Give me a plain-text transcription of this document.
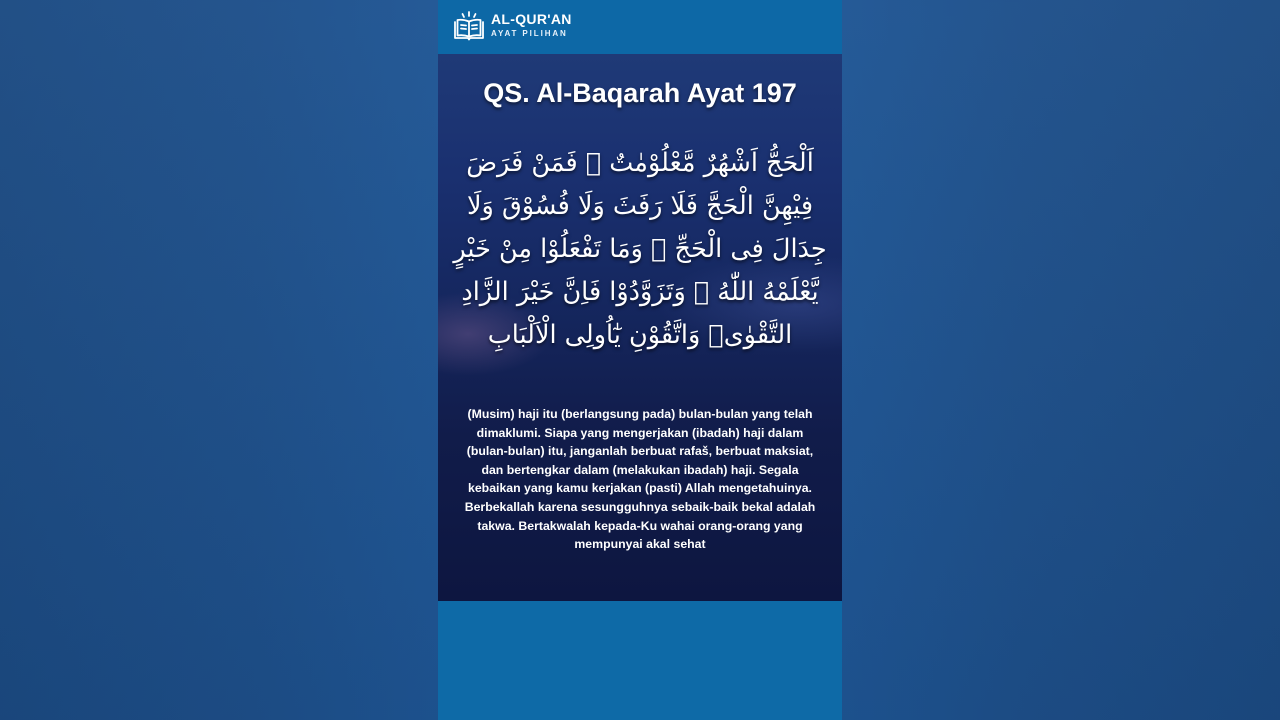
AL-QUR'AN
AYAT PILIHAN
QS. Al-Baqarah Ayat 197
اَلْحَجُّ اَشْهُرٌ مَّعْلُوْمٰتٌ ۚ فَمَنْ فَرَضَ فِيْهِنَّ الْحَجَّ فَلَا رَفَثَ وَلَا فُسُوْقَ وَلَا جِدَالَ فِى الْحَجِّ ۗ وَمَا تَفْعَلُوْا مِنْ خَيْرٍ يَّعْلَمْهُ اللّٰهُ ۗ وَتَزَوَّدُوْا فَاِنَّ خَيْرَ الزَّادِ التَّقْوٰىۖ وَاتَّقُوْنِ يٰٓاُولِى الْاَلْبَابِ
(Musim) haji itu (berlangsung pada) bulan-bulan yang telah dimaklumi. Siapa yang mengerjakan (ibadah) haji dalam (bulan-bulan) itu, janganlah berbuat rafaš, berbuat maksiat, dan bertengkar dalam (melakukan ibadah) haji. Segala kebaikan yang kamu kerjakan (pasti) Allah mengetahuinya. Berbekallah karena sesungguhnya sebaik-baik bekal adalah takwa. Bertakwalah kepada-Ku wahai orang-orang yang mempunyai akal sehat
